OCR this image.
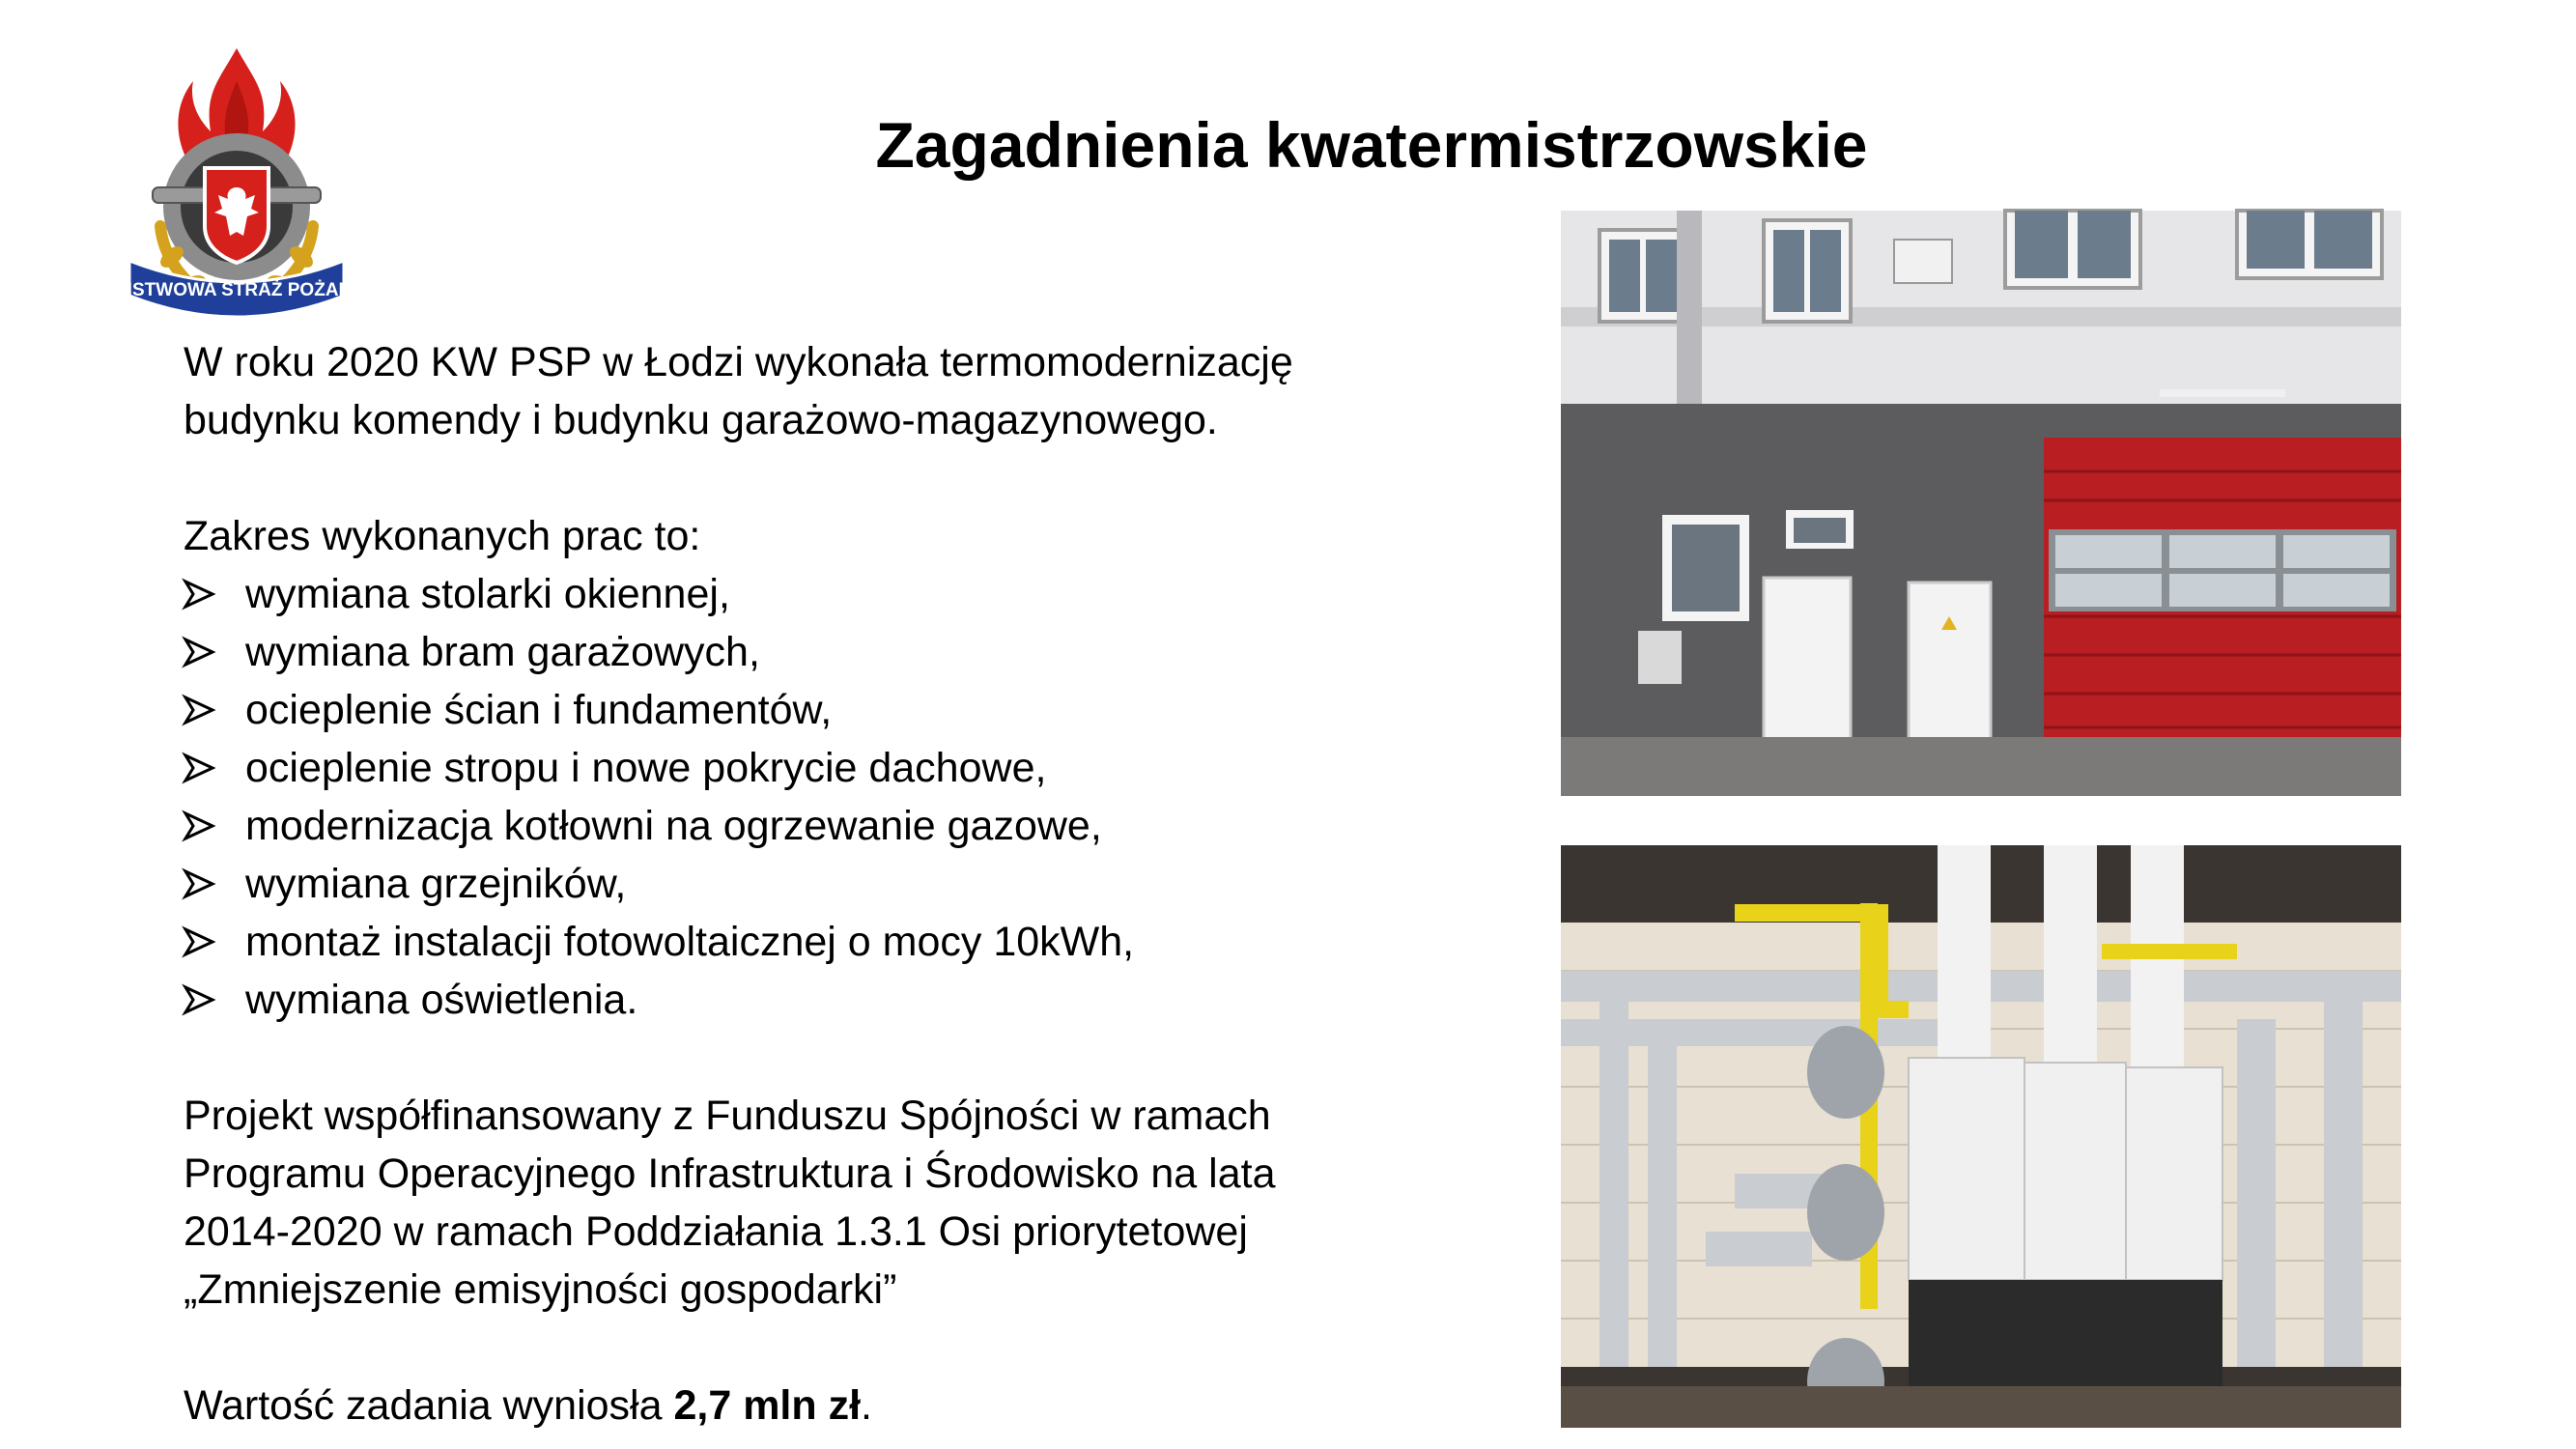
PAŃSTWOWA STRAŻ POŻARNA
Zagadnienia kwatermistrzowskie

W roku 2020 KW PSP w Łodzi wykonała termomodernizację

budynku komendy i budynku garażowo-magazynowego.

Zakres wykonanych prac to:

wymiana stolarki okiennej,
wymiana bram garażowych,
ocieplenie ścian i fundamentów,
ocieplenie stropu i nowe pokrycie dachowe,
modernizacja kotłowni na ogrzewanie gazowe,
wymiana grzejników,
montaż instalacji fotowoltaicznej o mocy 10kWh,
wymiana oświetlenia.

Projekt współfinansowany z Funduszu Spójności w ramach

Programu Operacyjnego Infrastruktura i Środowisko na lata

2014-2020 w ramach Poddziałania 1.3.1 Osi priorytetowej

„Zmniejszenie emisyjności gospodarki”

Wartość zadania wyniosła 2,7 mln zł.
